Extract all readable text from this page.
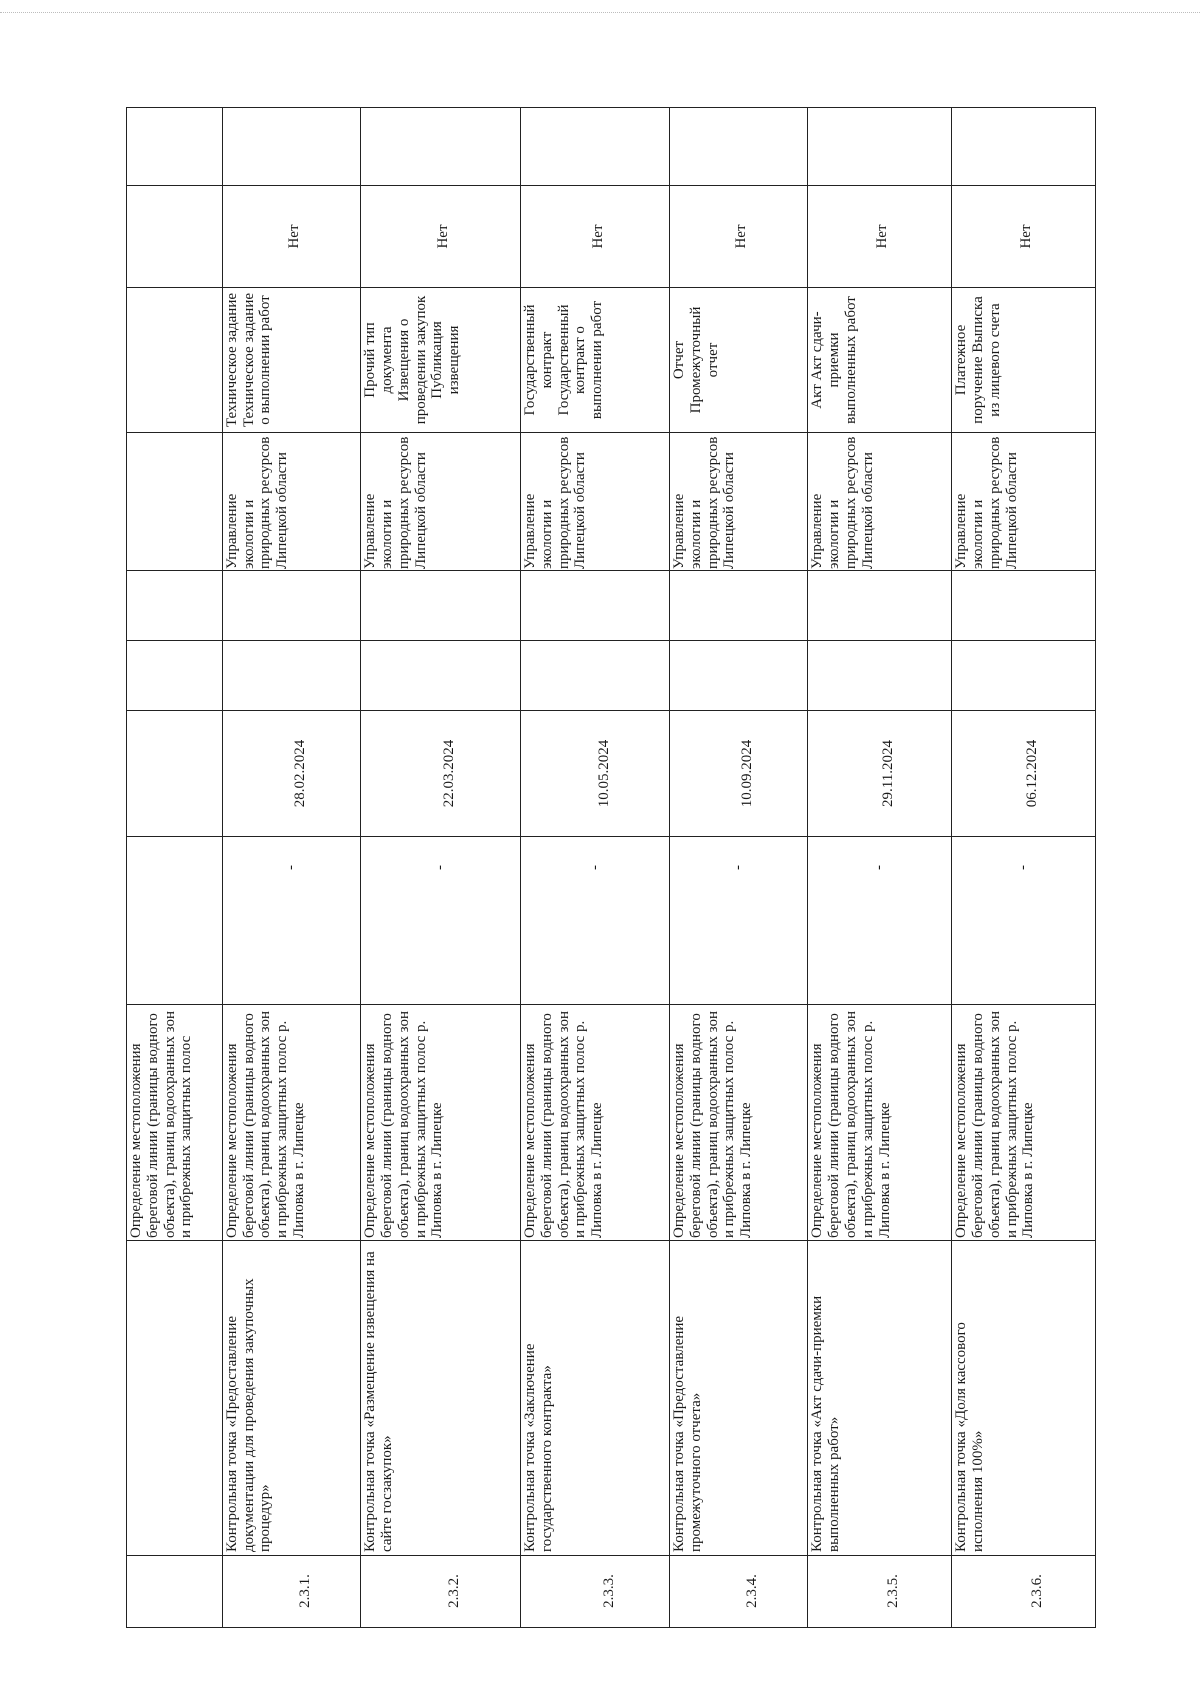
		Определение местоположения береговой линии (границы водного объекта), границ водоохранных зон и прибрежных защитных полос								
2.3.1.	Контрольная точка «Предоставление документации для проведения закупочных процедур»	Определение местоположения береговой линии (границы водного объекта), границ водоохранных зон и прибрежных защитных полос р. Липовка в г. Липецке	-	28.02.2024			Управление экологии и природных ресурсов Липецкой области	Техническое задание Техническое задание о выполнении работ	Нет	
2.3.2.	Контрольная точка «Размещение извещения на сайте госзакупок»	Определение местоположения береговой линии (границы водного объекта), границ водоохранных зон и прибрежных защитных полос р. Липовка в г. Липецке	-	22.03.2024			Управление экологии и природных ресурсов Липецкой области	Прочий тип документа Извещения о проведении закупок Публикация извещения	Нет	
2.3.3.	Контрольная точка «Заключение государственного контракта»	Определение местоположения береговой линии (границы водного объекта), границ водоохранных зон и прибрежных защитных полос р. Липовка в г. Липецке	-	10.05.2024			Управление экологии и природных ресурсов Липецкой области	Государственный контракт Государственный контракт о выполнении работ	Нет	
2.3.4.	Контрольная точка «Предоставление промежуточного отчета»	Определение местоположения береговой линии (границы водного объекта), границ водоохранных зон и прибрежных защитных полос р. Липовка в г. Липецке	-	10.09.2024			Управление экологии и природных ресурсов Липецкой области	Отчет Промежуточный отчет	Нет	
2.3.5.	Контрольная точка «Акт сдачи-приемки выполненных работ»	Определение местоположения береговой линии (границы водного объекта), границ водоохранных зон и прибрежных защитных полос р. Липовка в г. Липецке	-	29.11.2024			Управление экологии и природных ресурсов Липецкой области	Акт Акт сдачи-приемки выполненных работ	Нет	
2.3.6.	Контрольная точка «Доля кассового исполнения 100%»	Определение местоположения береговой линии (границы водного объекта), границ водоохранных зон и прибрежных защитных полос р. Липовка в г. Липецке	-	06.12.2024			Управление экологии и природных ресурсов Липецкой области	Платежное поручение Выписка из лицевого счета	Нет	
